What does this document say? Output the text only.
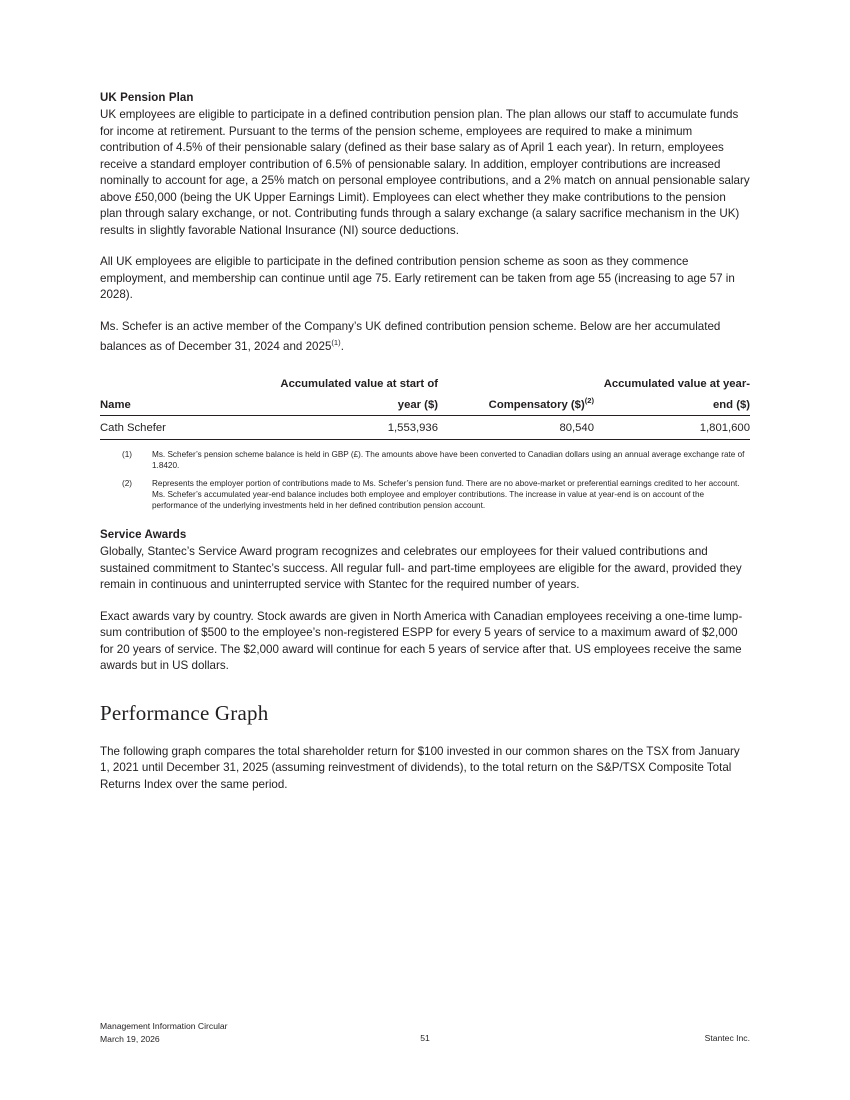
UK Pension Plan

UK employees are eligible to participate in a defined contribution pension plan. The plan allows our staff to accumulate funds for income at retirement. Pursuant to the terms of the pension scheme, employees are required to make a minimum contribution of 4.5% of their pensionable salary (defined as their base salary as of April 1 each year). In return, employees receive a standard employer contribution of 6.5% of pensionable salary. In addition, employer contributions are increased nominally to account for age, a 25% match on personal employee contributions, and a 2% match on annual pensionable salary above £50,000 (being the UK Upper Earnings Limit). Employees can elect whether they make contributions to the pension plan through salary exchange, or not. Contributing funds through a salary exchange (a salary sacrifice mechanism in the UK) results in slightly favorable National Insurance (NI) source deductions.

All UK employees are eligible to participate in the defined contribution pension scheme as soon as they commence employment, and membership can continue until age 75. Early retirement can be taken from age 55 (increasing to age 57 in 2028).

Ms. Schefer is an active member of the Company’s UK defined contribution pension scheme. Below are her accumulated balances as of December 31, 2024 and 2025$^{(1)}$.

	Accumulated value at start of		Accumulated value at year-
Name	year ($)	Compensatory ($)$^{(2)}$	end ($)
Cath Schefer	1,553,936	80,540	1,801,600
(1)	Ms. Schefer’s pension scheme balance is held in GBP (£). The amounts above have been converted to Canadian dollars using an annual average exchange rate of 1.8420.
(2)	Represents the employer portion of contributions made to Ms. Schefer’s pension fund. There are no above-market or preferential earnings credited to her account. Ms. Schefer’s accumulated year-end balance includes both employee and employer contributions. The increase in value at year-end is on account of the performance of the underlying investments held in her defined contribution pension account.
Service Awards

Globally, Stantec’s Service Award program recognizes and celebrates our employees for their valued contributions and sustained commitment to Stantec’s success. All regular full- and part-time employees are eligible for the award, provided they remain in continuous and uninterrupted service with Stantec for the required number of years.

Exact awards vary by country. Stock awards are given in North America with Canadian employees receiving a one-time lump-sum contribution of $500 to the employee’s non-registered ESPP for every 5 years of service to a maximum award of $2,000 for 20 years of service. The $2,000 award will continue for each 5 years of service after that. US employees receive the same awards but in US dollars.

Performance Graph

The following graph compares the total shareholder return for $100 invested in our common shares on the TSX from January 1, 2021 until December 31, 2025 (assuming reinvestment of dividends), to the total return on the S&P/TSX Composite Total Returns Index over the same period.

Management Information Circular
March 19, 2026	51	Stantec Inc.
